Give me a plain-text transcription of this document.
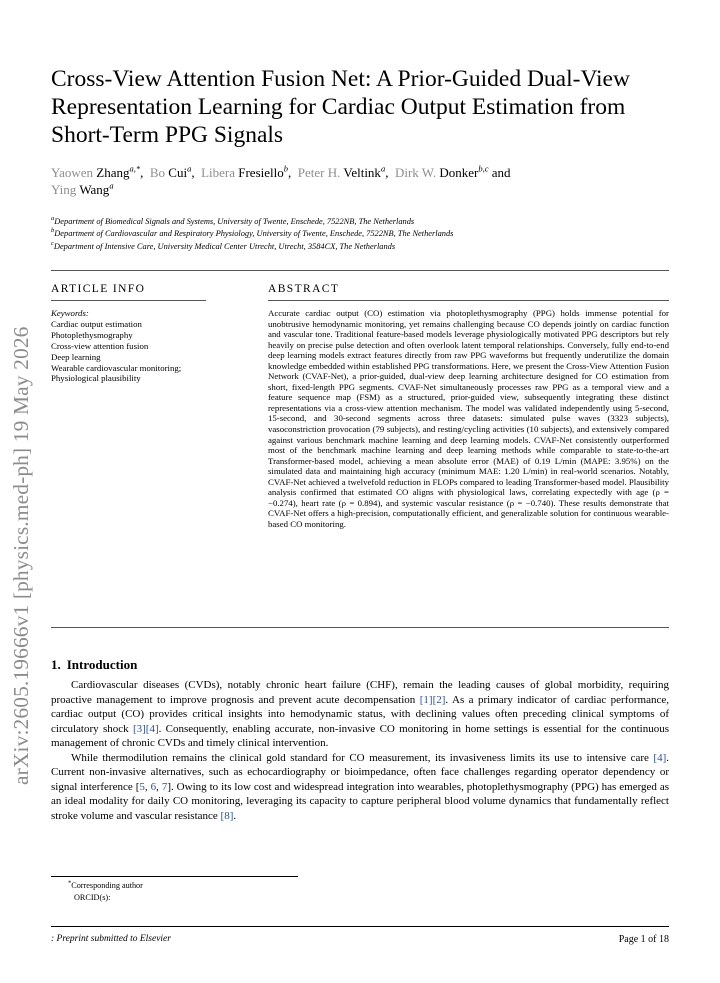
arXiv:2605.19666v1 [physics.med-ph] 19 May 2026
Cross-View Attention Fusion Net: A Prior-Guided Dual-View Representation Learning for Cardiac Output Estimation from Short-Term PPG Signals
Yaowen Zhang$^{a,*}$,  Bo Cui$^a$,  Libera Fresiello$^b$,  Peter H. Veltink$^a$,  Dirk W. Donker$^{b,c}$ and
Ying Wang$^a$
$^a$Department of Biomedical Signals and Systems, University of Twente, Enschede, 7522NB, The Netherlands
$^b$Department of Cardiovascular and Respiratory Physiology, University of Twente, Enschede, 7522NB, The Netherlands
$^c$Department of Intensive Care, University Medical Center Utrecht, Utrecht, 3584CX, The Netherlands
ARTICLE INFO	ABSTRACT
Keywords:
Cardiac output estimation
Photoplethysmography
Cross-view attention fusion
Deep learning
Wearable cardiovascular monitoring;
Physiological plausibility

Accurate cardiac output (CO) estimation via photoplethysmography (PPG) holds immense potential for unobtrusive hemodynamic monitoring, yet remains challenging because CO depends jointly on cardiac function and vascular tone. Traditional feature-based models leverage physiologically motivated PPG descriptors but rely heavily on precise pulse detection and often overlook latent temporal relationships. Conversely, fully end-to-end deep learning models extract features directly from raw PPG waveforms but frequently underutilize the domain knowledge embedded within established PPG transformations. Here, we present the Cross-View Attention Fusion Network (CVAF-Net), a prior-guided, dual-view deep learning architecture designed for CO estimation from short, fixed-length PPG segments. CVAF-Net simultaneously processes raw PPG as a temporal view and a feature sequence map (FSM) as a structured, prior-guided view, subsequently integrating these distinct representations via a cross-view attention mechanism. The model was validated independently using 5-second, 15-second, and 30-second segments across three datasets: simulated pulse waves (3323 subjects), vasoconstriction provocation (79 subjects), and resting/cycling activities (10 subjects), and extensively compared against various benchmark machine learning and deep learning models. CVAF-Net consistently outperformed most of the benchmark machine learning and deep learning methods while comparable to state-to-the-art Transformer-based model, achieving a mean absolute error (MAE) of 0.19 L/min (MAPE: 3.95%) on the simulated data and maintaining high accuracy (minimum MAE: 1.20 L/min) in real-world scenarios. Notably, CVAF-Net achieved a twelvefold reduction in FLOPs compared to leading Transformer-based model. Plausibility analysis confirmed that estimated CO aligns with physiological laws, correlating expectedly with age (ρ = −0.274), heart rate (ρ = 0.894), and systemic vascular resistance (ρ = −0.740). These results demonstrate that CVAF-Net offers a high-precision, computationally efficient, and generalizable solution for continuous wearable-based CO monitoring.

1. Introduction

Cardiovascular diseases (CVDs), notably chronic heart failure (CHF), remain the leading causes of global morbidity, requiring proactive management to improve prognosis and prevent acute decompensation [1][2]. As a primary indicator of cardiac performance, cardiac output (CO) provides critical insights into hemodynamic status, with declining values often preceding clinical symptoms of circulatory shock [3][4]. Consequently, enabling accurate, non-invasive CO monitoring in home settings is essential for the continuous management of chronic CVDs and timely clinical intervention.

While thermodilution remains the clinical gold standard for CO measurement, its invasiveness limits its use to intensive care [4]. Current non-invasive alternatives, such as echocardiography or bioimpedance, often face challenges regarding operator dependency or signal interference [5, 6, 7]. Owing to its low cost and widespread integration into wearables, photoplethysmography (PPG) has emerged as an ideal modality for daily CO monitoring, leveraging its capacity to capture peripheral blood volume dynamics that fundamentally reflect stroke volume and vascular resistance [8].

*Corresponding author
ORCID(s):
: Preprint submitted to Elsevier	Page 1 of 18
